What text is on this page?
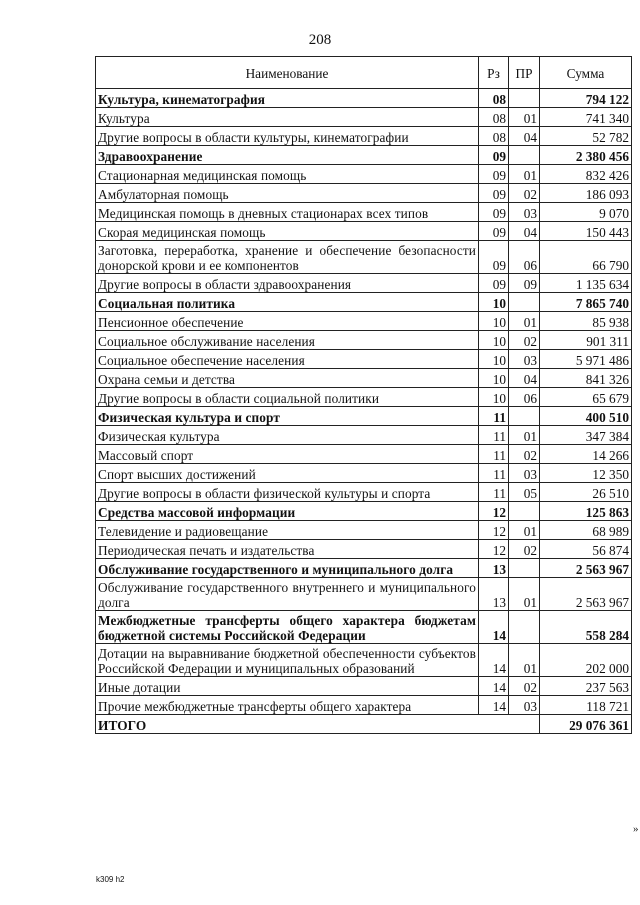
208
Наименование	Рз	ПР	Сумма
Культура, кинематография	08		794 122
Культура	08	01	741 340
Другие вопросы в области культуры, кинематографии	08	04	52 782
Здравоохранение	09		2 380 456
Стационарная медицинская помощь	09	01	832 426
Амбулаторная помощь	09	02	186 093
Медицинская помощь в дневных стационарах всех типов	09	03	9 070
Скорая медицинская помощь	09	04	150 443
Заготовка, переработка, хранение и обеспечение безопасности донорской крови и ее компонентов	09	06	66 790
Другие вопросы в области здравоохранения	09	09	1 135 634
Социальная политика	10		7 865 740
Пенсионное обеспечение	10	01	85 938
Социальное обслуживание населения	10	02	901 311
Социальное обеспечение населения	10	03	5 971 486
Охрана семьи и детства	10	04	841 326
Другие вопросы в области социальной политики	10	06	65 679
Физическая культура и спорт	11		400 510
Физическая культура	11	01	347 384
Массовый спорт	11	02	14 266
Спорт высших достижений	11	03	12 350
Другие вопросы в области физической культуры и спорта	11	05	26 510
Средства массовой информации	12		125 863
Телевидение и радиовещание	12	01	68 989
Периодическая печать и издательства	12	02	56 874
Обслуживание государственного и муниципального долга	13		2 563 967
Обслуживание государственного внутреннего и муниципального долга	13	01	2 563 967
Межбюджетные трансферты общего характера бюджетам бюджетной системы Российской Федерации	14		558 284
Дотации на выравнивание бюджетной обеспеченности субъектов Российской Федерации и муниципальных образований	14	01	202 000
Иные дотации	14	02	237 563
Прочие межбюджетные трансферты общего характера	14	03	118 721
ИТОГО			29 076 361
»
k309 h2
